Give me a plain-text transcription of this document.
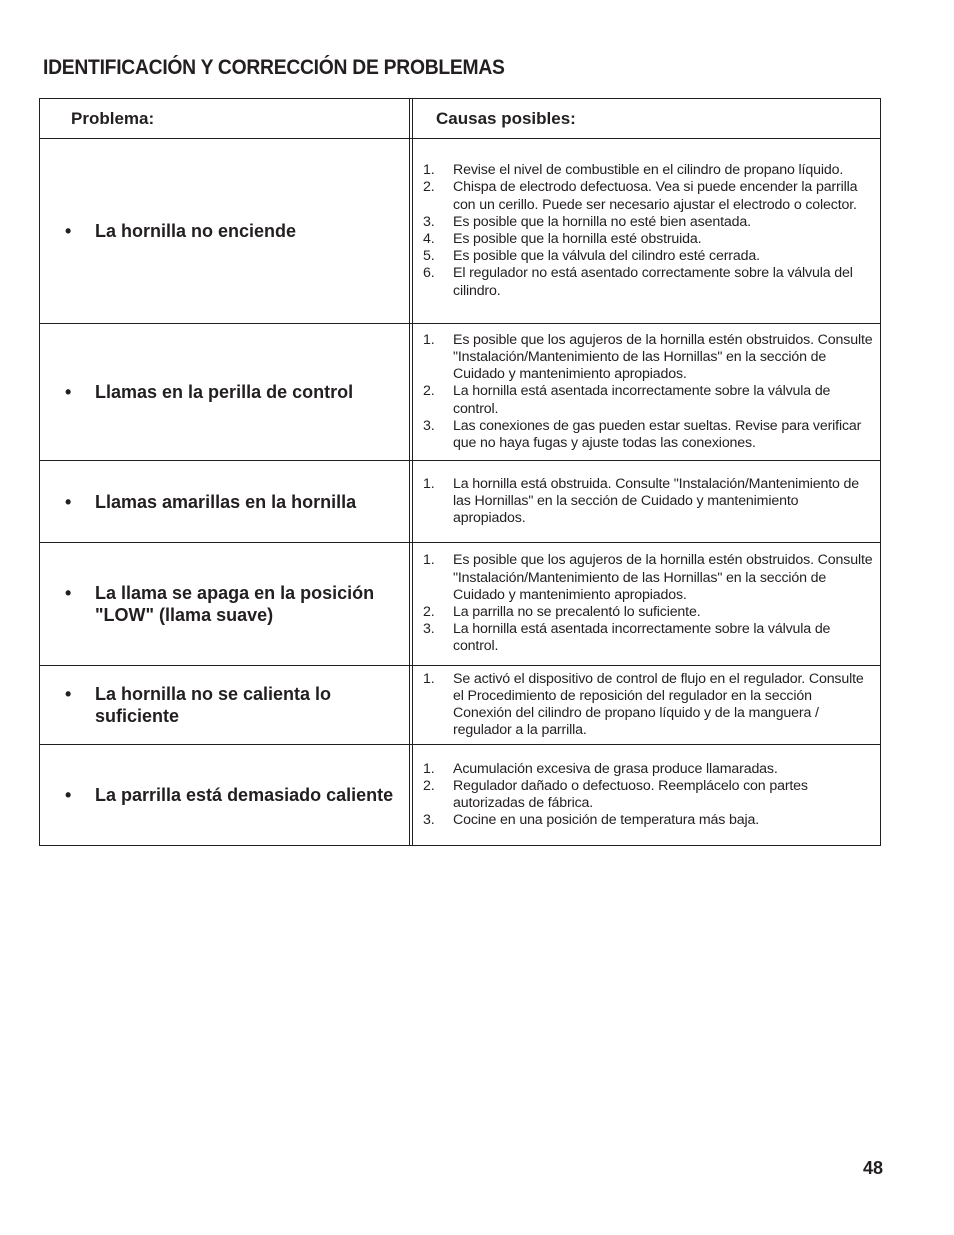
IDENTIFICACIÓN Y CORRECCIÓN DE PROBLEMAS
Problema:	Causas posibles:
•	La hornilla no enciende
1.	Revise el nivel de combustible en el cilindro de propano líquido.
2.	Chispa de electrodo defectuosa. Vea si puede encender la parrilla con un cerillo. Puede ser necesario ajustar el electrodo o colector.
3.	Es posible que la hornilla no esté bien asentada.
4.	Es posible que la hornilla esté obstruida.
5.	Es posible que la válvula del cilindro esté cerrada.
6.	El regulador no está asentado correctamente sobre la válvula del cilindro.
•	Llamas en la perilla de control
1.	Es posible que los agujeros de la hornilla estén obstruidos. Consulte "Instalación/Mantenimiento de las Hornillas" en la sección de Cuidado y mantenimiento apropiados.
2.	La hornilla está asentada incorrectamente sobre la válvula de control.
3.	Las conexiones de gas pueden estar sueltas. Revise para verificar que no haya fugas y ajuste todas las conexiones.
•	Llamas amarillas en la hornilla
1.	La hornilla está obstruida. Consulte "Instalación/Mantenimiento de las Hornillas" en la sección de Cuidado y mantenimiento apropiados.
•	La llama se apaga en la posición "LOW" (llama suave)
1.	Es posible que los agujeros de la hornilla estén obstruidos. Consulte "Instalación/Mantenimiento de las Hornillas" en la sección de Cuidado y mantenimiento apropiados.
2.	La parrilla no se precalentó lo suficiente.
3.	La hornilla está asentada incorrectamente sobre la válvula de control.
•	La hornilla no se calienta lo suficiente
1.	Se activó el dispositivo de control de flujo en el regulador. Consulte el Procedimiento de reposición del regulador en la sección Conexión del cilindro de propano líquido y de la manguera / regulador a la parrilla.
•	La parrilla está demasiado caliente
1.	Acumulación excesiva de grasa produce llamaradas.
2.	Regulador dañado o defectuoso. Reemplácelo con partes autorizadas de fábrica.
3.	Cocine en una posición de temperatura más baja.
48
